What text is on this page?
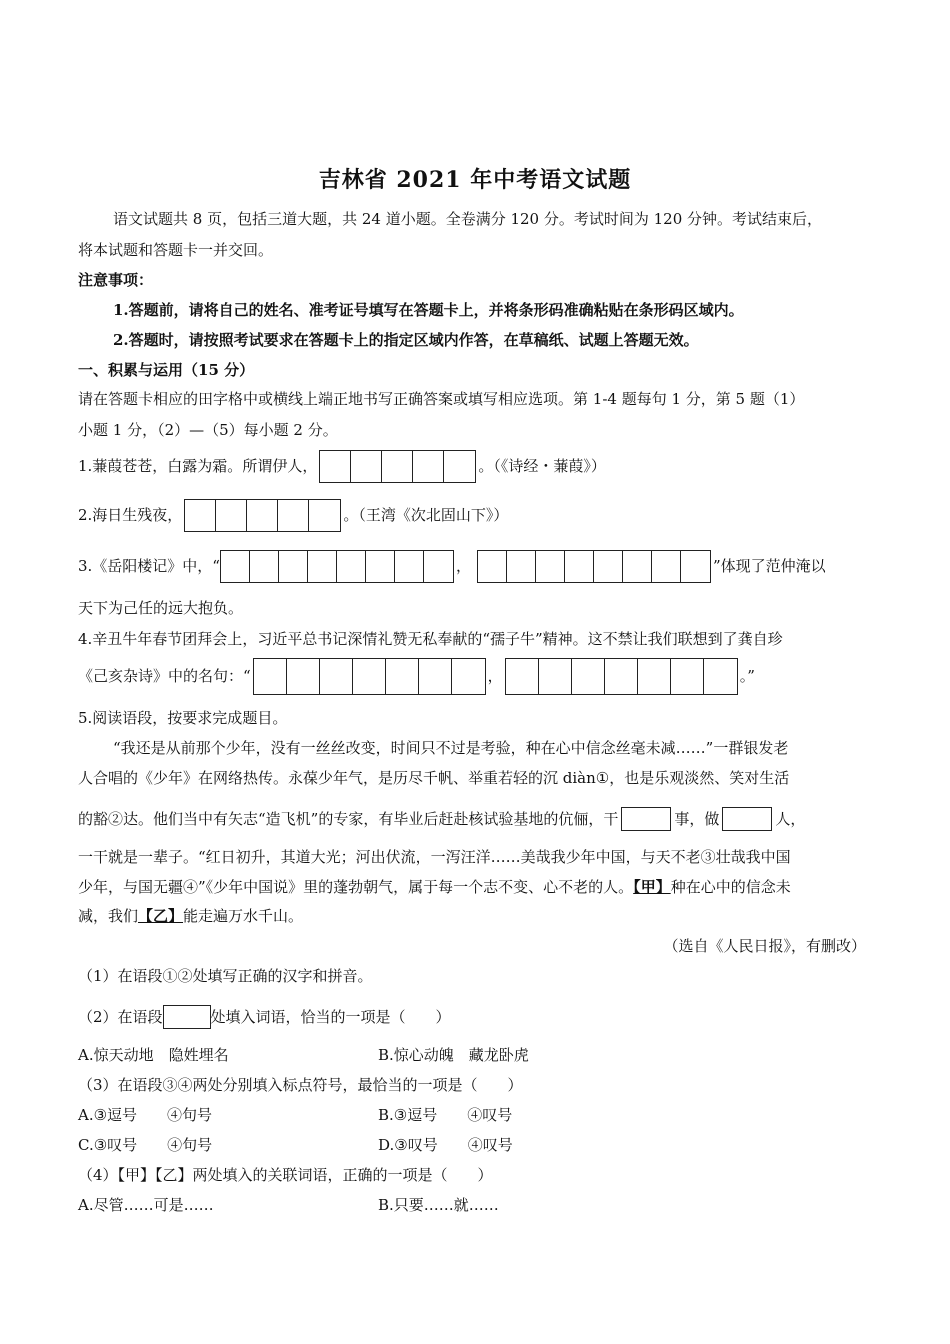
吉林省 2021 年中考语文试题
语文试题共 8 页，包括三道大题，共 24 道小题。全卷满分 120 分。考试时间为 120 分钟。考试结束后，
将本试题和答题卡一并交回。
注意事项：
1.答题前，请将自己的姓名、准考证号填写在答题卡上，并将条形码准确粘贴在条形码区域内。
2.答题时，请按照考试要求在答题卡上的指定区域内作答，在草稿纸、试题上答题无效。
一、积累与运用（15 分）
请在答题卡相应的田字格中或横线上端正地书写正确答案或填写相应选项。第 1-4 题每句 1 分，第 5 题（1）
小题 1 分，（2）—（5）每小题 2 分。
1.蒹葭苍苍，白露为霜。所谓伊人，	。（《诗经・蒹葭》）
2.海日生残夜，	。（王湾《次北固山下》）
3.《岳阳楼记》中，“	，	”体现了范仲淹以
天下为己任的远大抱负。
4.辛丑牛年春节团拜会上，习近平总书记深情礼赞无私奉献的“孺子牛”精神。这不禁让我们联想到了龚自珍
《己亥杂诗》中的名句：“	，	。”
5.阅读语段，按要求完成题目。
“我还是从前那个少年，没有一丝丝改变，时间只不过是考验，种在心中信念丝毫未减……”一群银发老
人合唱的《少年》在网络热传。永葆少年气，是历尽千帆、举重若轻的沉 diàn①，也是乐观淡然、笑对生活
的豁②达。他们当中有矢志“造飞机”的专家，有毕业后赶赴核试验基地的伉俪，干	事，做	人，
一干就是一辈子。“红日初升，其道大光；河出伏流，一泻汪洋……美哉我少年中国，与天不老③壮哉我中国
少年，与国无疆④”《少年中国说》里的蓬勃朝气，属于每一个志不变、心不老的人。【甲】种在心中的信念未
减，我们【乙】能走遍万水千山。
（选自《人民日报》，有删改）
（1）在语段①②处填写正确的汉字和拼音。
（2）在语段	处填入词语，恰当的一项是（　　）
A.惊天动地　隐姓埋名	B.惊心动魄　藏龙卧虎
（3）在语段③④两处分别填入标点符号，最恰当的一项是（　　）
A.③逗号　　④句号	B.③逗号　　④叹号
C.③叹号　　④句号	D.③叹号　　④叹号
（4）【甲】【乙】两处填入的关联词语，正确的一项是（　　）
A.尽管……可是……	B.只要……就……
